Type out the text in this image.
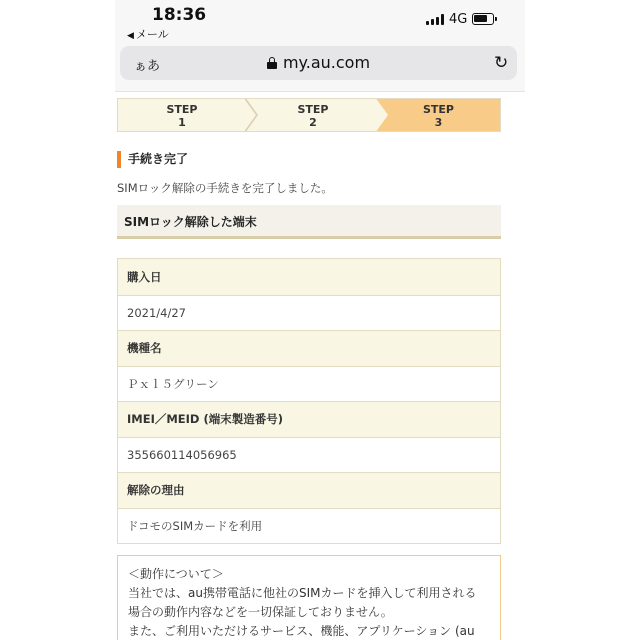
18:36
◀ メール
4G
ぁあ	my.au.com	↻
STEP
1
STEP
2
STEP
3
手続き完了
SIMロック解除の手続きを完了しました。
SIMロック解除した端末
購入日
2021/4/27
機種名
Ｐｘｌ５グリーン
IMEI／MEID (端末製造番号)
355660114056965
解除の理由
ドコモのSIMカードを利用
＜動作について＞
当社では、au携帯電話に他社のSIMカードを挿入して利用される
場合の動作内容などを一切保証しておりません。
また、ご利用いただけるサービス、機能、アプリケーション (au
